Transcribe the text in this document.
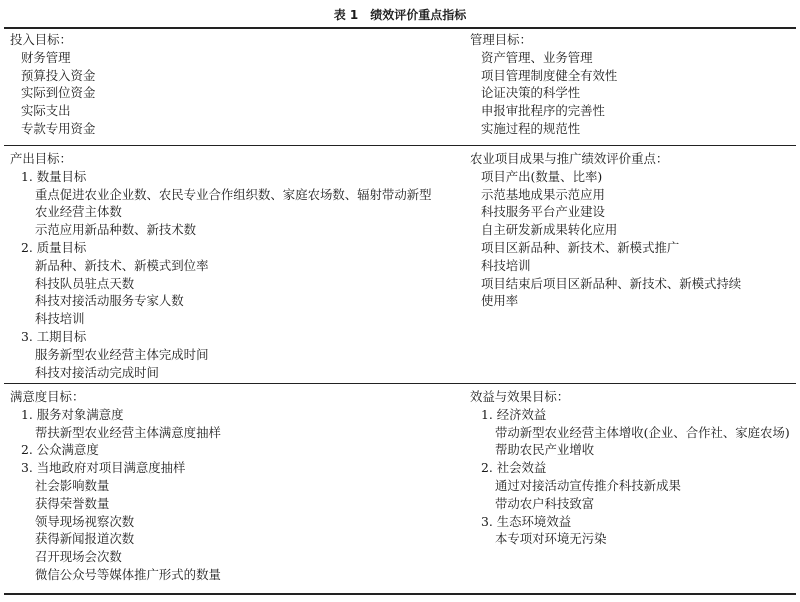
表 1　绩效评价重点指标
投入目标：
财务管理
预算投入资金
实际到位资金
实际支出
专款专用资金
管理目标：
资产管理、业务管理
项目管理制度健全有效性
论证决策的科学性
申报审批程序的完善性
实施过程的规范性
产出目标：
1. 数量目标
重点促进农业企业数、农民专业合作组织数、家庭农场数、辐射带动新型
农业经营主体数
示范应用新品种数、新技术数
2. 质量目标
新品种、新技术、新模式到位率
科技队员驻点天数
科技对接活动服务专家人数
科技培训
3. 工期目标
服务新型农业经营主体完成时间
科技对接活动完成时间
农业项目成果与推广绩效评价重点：
项目产出(数量、比率)
示范基地成果示范应用
科技服务平台产业建设
自主研发新成果转化应用
项目区新品种、新技术、新模式推广
科技培训
项目结束后项目区新品种、新技术、新模式持续
使用率
满意度目标：
1. 服务对象满意度
帮扶新型农业经营主体满意度抽样
2. 公众满意度
3. 当地政府对项目满意度抽样
社会影响数量
获得荣誉数量
领导现场视察次数
获得新闻报道次数
召开现场会次数
微信公众号等媒体推广形式的数量
效益与效果目标：
1. 经济效益
带动新型农业经营主体增收(企业、合作社、家庭农场)
帮助农民产业增收
2. 社会效益
通过对接活动宣传推介科技新成果
带动农户科技致富
3. 生态环境效益
本专项对环境无污染
